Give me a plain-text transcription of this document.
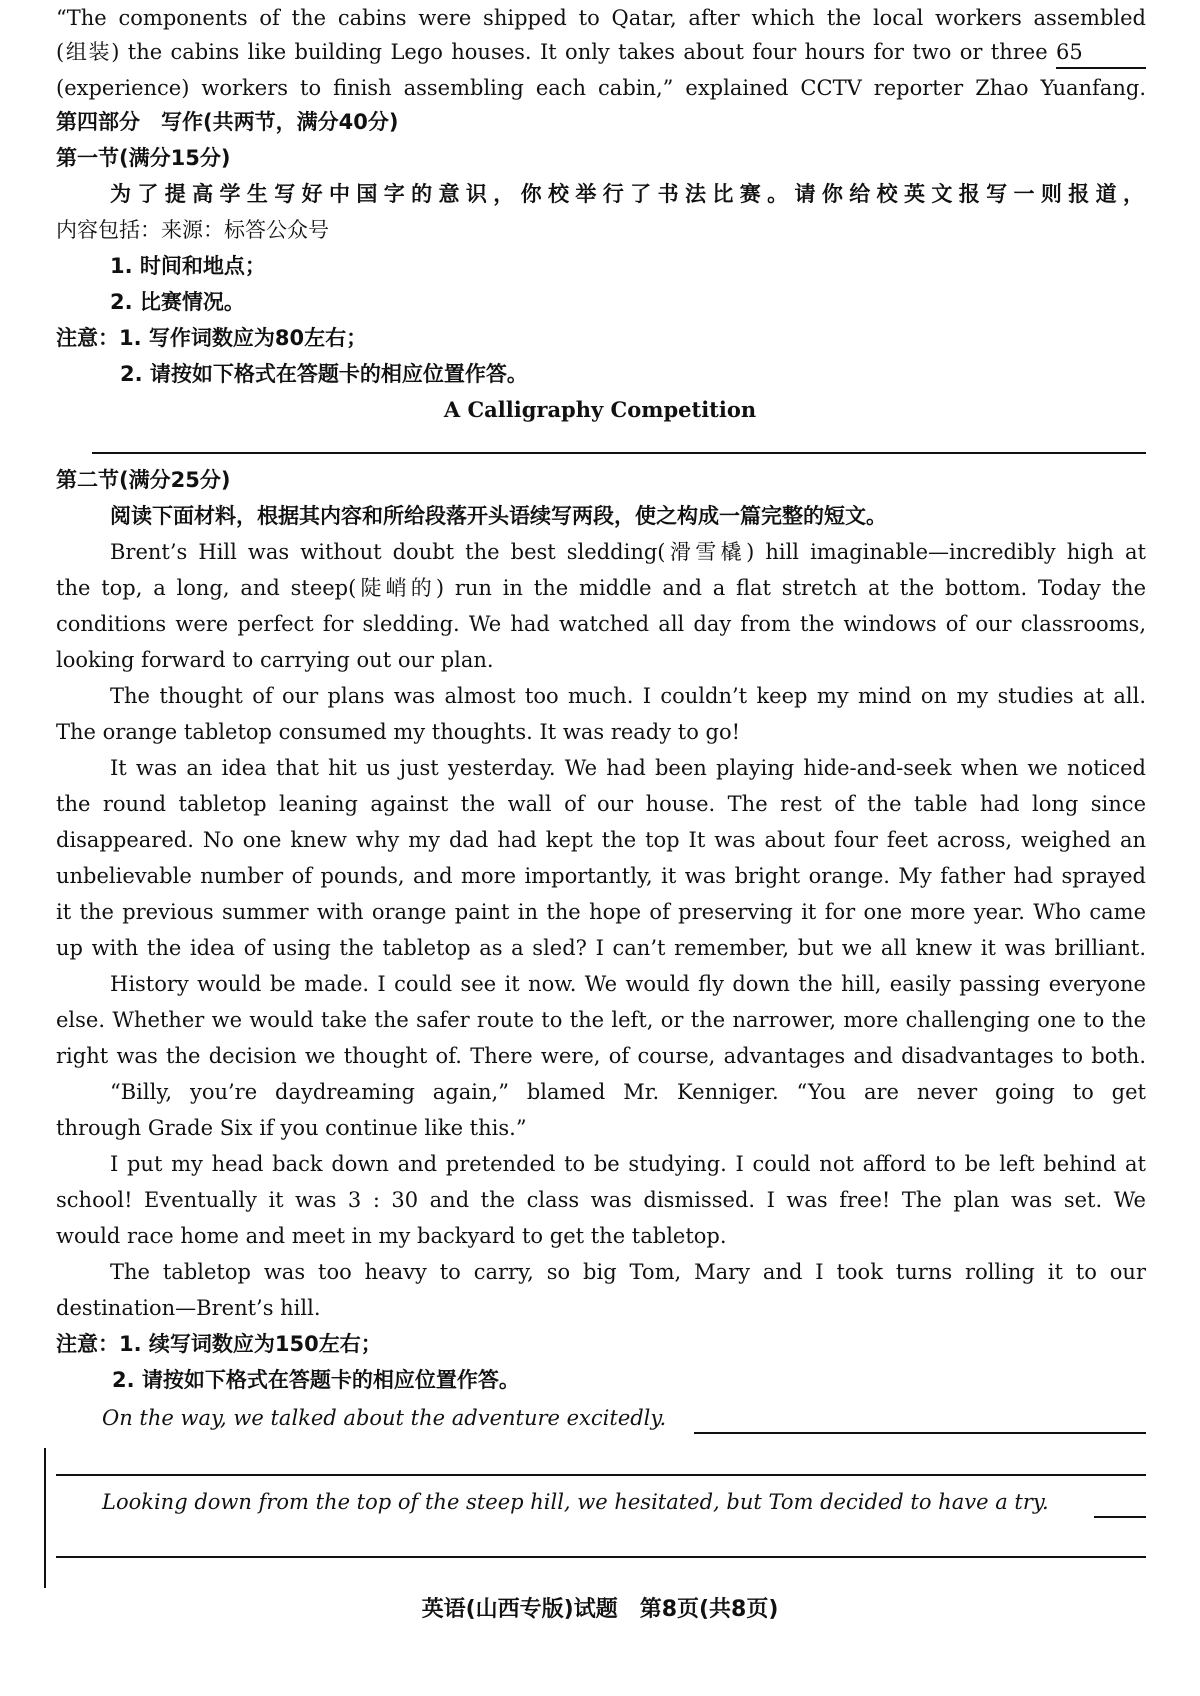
“The components of the cabins were shipped to Qatar, after which the local workers assembled
(组装) the cabins like building Lego houses. It only takes about four hours for two or three 65
(experience) workers to finish assembling each cabin,” explained CCTV reporter Zhao Yuanfang.
第四部分　写作(共两节，满分40分)
第一节(满分15分)
为了提高学生写好中国字的意识，你校举行了书法比赛。请你给校英文报写一则报道，
内容包括：来源：标答公众号
1. 时间和地点；
2. 比赛情况。
注意：1. 写作词数应为80左右；
2. 请按如下格式在答题卡的相应位置作答。
A Calligraphy Competition
第二节(满分25分)
阅读下面材料，根据其内容和所给段落开头语续写两段，使之构成一篇完整的短文。
Brent’s Hill was without doubt the best sledding(滑雪橇) hill imaginable—incredibly high at
the top, a long, and steep(陡峭的) run in the middle and a flat stretch at the bottom. Today the
conditions were perfect for sledding. We had watched all day from the windows of our classrooms,
looking forward to carrying out our plan.
The thought of our plans was almost too much. I couldn’t keep my mind on my studies at all.
The orange tabletop consumed my thoughts. It was ready to go!
It was an idea that hit us just yesterday. We had been playing hide-and-seek when we noticed
the round tabletop leaning against the wall of our house. The rest of the table had long since
disappeared. No one knew why my dad had kept the top It was about four feet across, weighed an
unbelievable number of pounds, and more importantly, it was bright orange. My father had sprayed
it the previous summer with orange paint in the hope of preserving it for one more year. Who came
up with the idea of using the tabletop as a sled? I can’t remember, but we all knew it was brilliant.
History would be made. I could see it now. We would fly down the hill, easily passing everyone
else. Whether we would take the safer route to the left, or the narrower, more challenging one to the
right was the decision we thought of. There were, of course, advantages and disadvantages to both.
“Billy, you’re daydreaming again,” blamed Mr. Kenniger. “You are never going to get
through Grade Six if you continue like this.”
I put my head back down and pretended to be studying. I could not afford to be left behind at
school! Eventually it was 3 : 30 and the class was dismissed. I was free! The plan was set. We
would race home and meet in my backyard to get the tabletop.
The tabletop was too heavy to carry, so big Tom, Mary and I took turns rolling it to our
destination—Brent’s hill.
注意：1. 续写词数应为150左右；
2. 请按如下格式在答题卡的相应位置作答。
On the way, we talked about the adventure excitedly.
Looking down from the top of the steep hill, we hesitated, but Tom decided to have a try.
英语(山西专版)试题　第8页(共8页)
